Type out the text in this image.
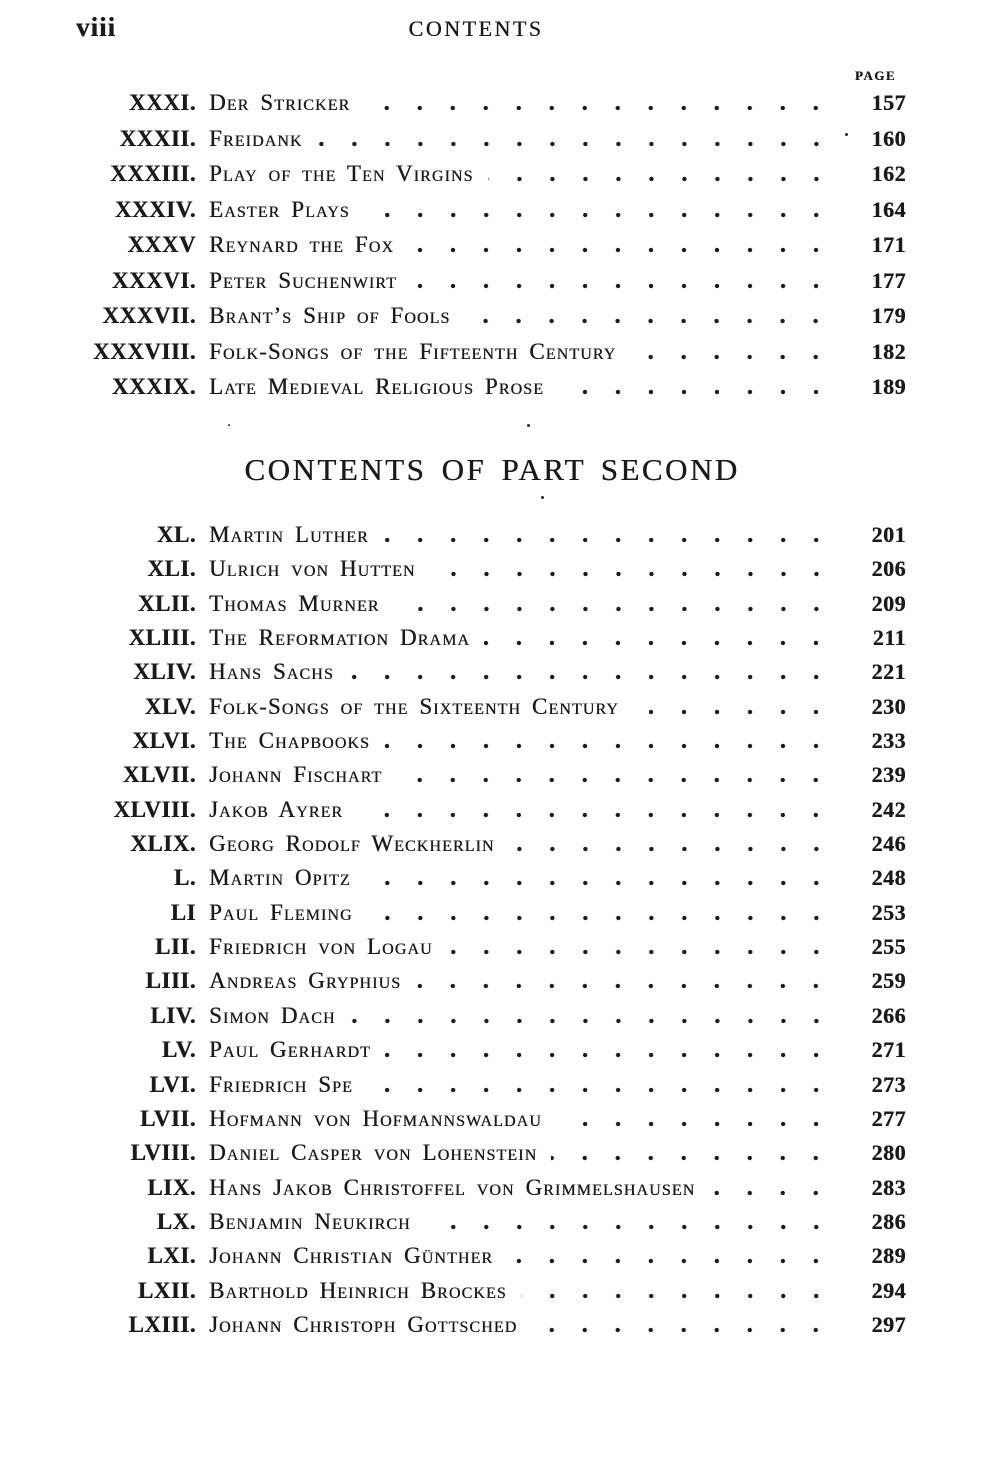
viii	CONTENTS
PAGE
XXXI. Der Stricker	157
XXXII. Freidank	160
XXXIII. Play of the Ten Virgins	162
XXXIV. Easter Plays	164
XXXV Reynard the Fox	171
XXXVI. Peter Suchenwirt	177
XXXVII. Brant’s Ship of Fools	179
XXXVIII. Folk-Songs of the Fifteenth Century	182
XXXIX. Late Medieval Religious Prose	189
CONTENTS OF PART SECOND
XL. Martin Luther	201
XLI. Ulrich von Hutten	206
XLII. Thomas Murner	209
XLIII. The Reformation Drama	211
XLIV. Hans Sachs	221
XLV. Folk-Songs of the Sixteenth Century	230
XLVI. The Chapbooks	233
XLVII. Johann Fischart	239
XLVIII. Jakob Ayrer	242
XLIX. Georg Rodolf Weckherlin	246
L. Martin Opitz	248
LI Paul Fleming	253
LII. Friedrich von Logau	255
LIII. Andreas Gryphius	259
LIV. Simon Dach	266
LV. Paul Gerhardt	271
LVI. Friedrich Spe	273
LVII. Hofmann von Hofmannswaldau	277
LVIII. Daniel Casper von Lohenstein	280
LIX. Hans Jakob Christoffel von Grimmelshausen	283
LX. Benjamin Neukirch	286
LXI. Johann Christian Günther	289
LXII. Barthold Heinrich Brockes	294
LXIII. Johann Christoph Gottsched	297
